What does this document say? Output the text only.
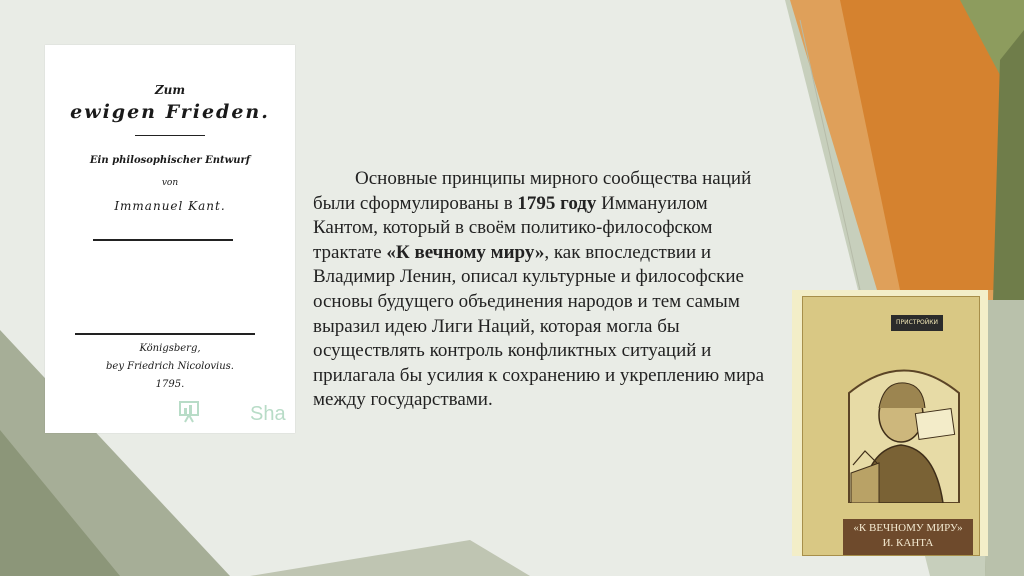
Zum
ewigen Frieden.
Ein philosophischer Entwurf
von
Immanuel Kant.
Königsberg,
bey Friedrich Nicolovius.
1795.
Sha

Основные принципы мирного сообщества наций были сформулированы в 1795 году Иммануилом Кантом, который в своём политико-философском трактате «К вечному миру», как впоследствии и Владимир Ленин, описал культурные и философские основы будущего объединения народов и тем самым выразил идею Лиги Наций, которая могла бы осуществлять контроль конфликтных ситуаций и прилагала бы усилия к сохранению и укреплению мира между государствами.

ПРИСТРОЙКИ
«К ВЕЧНОМУ МИРУ»
И. КАНТА
